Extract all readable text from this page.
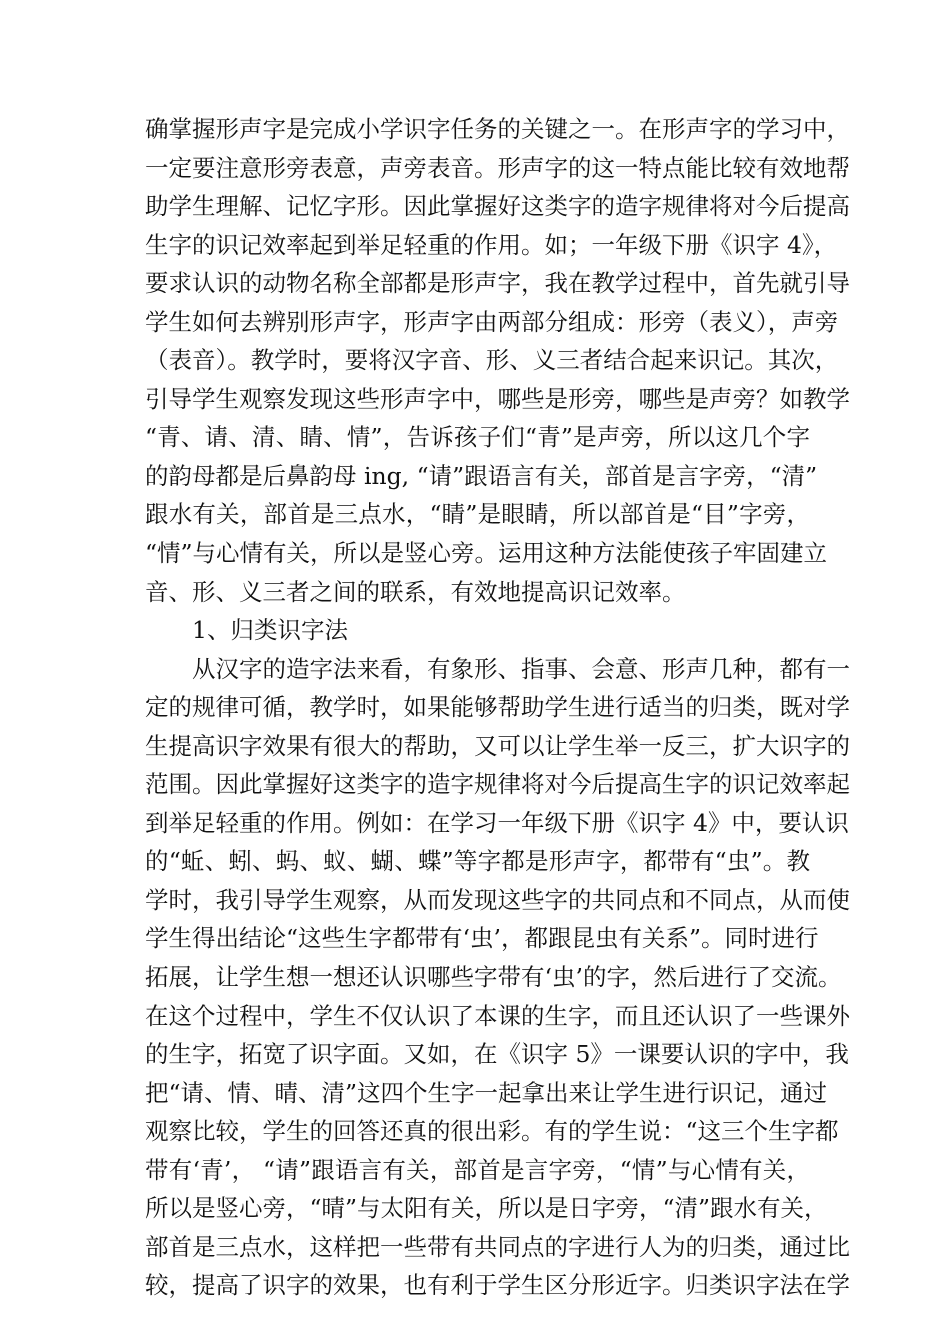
确掌握形声字是完成小学识字任务的关键之一。在形声字的学习中，
一定要注意形旁表意，声旁表音。形声字的这一特点能比较有效地帮
助学生理解、记忆字形。因此掌握好这类字的造字规律将对今后提高
生字的识记效率起到举足轻重的作用。如；一年级下册《识字 4》，
要求认识的动物名称全部都是形声字，我在教学过程中，首先就引导
学生如何去辨别形声字，形声字由两部分组成：形旁（表义），声旁
（表音）。教学时，要将汉字音、形、义三者结合起来识记。其次，
引导学生观察发现这些形声字中，哪些是形旁，哪些是声旁？如教学
“青、请、清、睛、情”，告诉孩子们“青”是声旁，所以这几个字
的韵母都是后鼻韵母 ing, “请”跟语言有关，部首是言字旁，“清”
跟水有关，部首是三点水，“睛”是眼睛，所以部首是“目”字旁，
“情”与心情有关，所以是竖心旁。运用这种方法能使孩子牢固建立
音、形、义三者之间的联系，有效地提高识记效率。
1、归类识字法
从汉字的造字法来看，有象形、指事、会意、形声几种，都有一
定的规律可循，教学时，如果能够帮助学生进行适当的归类，既对学
生提高识字效果有很大的帮助，又可以让学生举一反三，扩大识字的
范围。因此掌握好这类字的造字规律将对今后提高生字的识记效率起
到举足轻重的作用。例如：在学习一年级下册《识字 4》中，要认识
的“蚯、蚓、蚂、蚁、蝴、蝶”等字都是形声字，都带有“虫”。教
学时，我引导学生观察，从而发现这些字的共同点和不同点，从而使
学生得出结论“这些生字都带有‘虫’，都跟昆虫有关系”。同时进行
拓展，让学生想一想还认识哪些字带有‘虫’的字，然后进行了交流。
在这个过程中，学生不仅认识了本课的生字，而且还认识了一些课外
的生字，拓宽了识字面。又如，在《识字 5》一课要认识的字中，我
把“请、情、晴、清”这四个生字一起拿出来让学生进行识记，通过
观察比较，学生的回答还真的很出彩。有的学生说：“这三个生字都
带有‘青’， “请”跟语言有关，部首是言字旁，“情”与心情有关，
所以是竖心旁，“晴”与太阳有关，所以是日字旁，“清”跟水有关，
部首是三点水，这样把一些带有共同点的字进行人为的归类，通过比
较，提高了识字的效果，也有利于学生区分形近字。归类识字法在学
